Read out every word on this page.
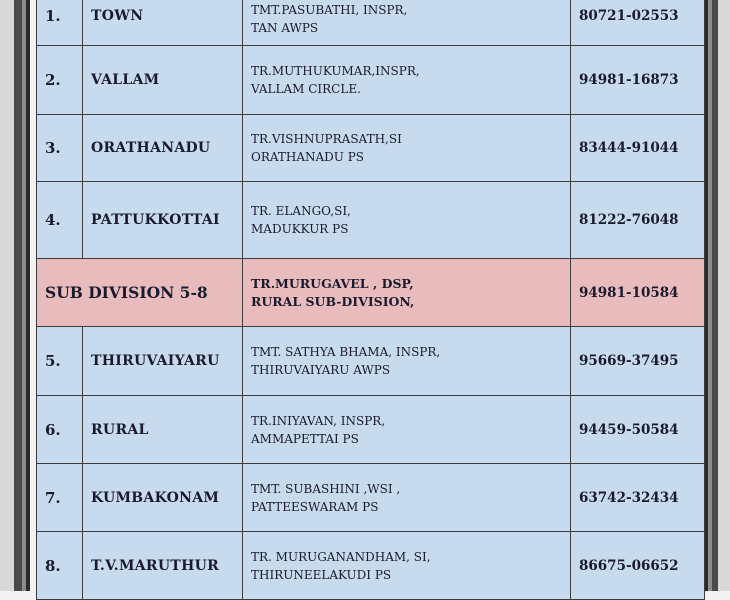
1.	TOWN	TMT.PASUBATHI, INSPR,
TAN AWPS	80721-02553
2.	VALLAM	TR.MUTHUKUMAR,INSPR,
VALLAM CIRCLE.	94981-16873
3.	ORATHANADU	TR.VISHNUPRASATH,SI
ORATHANADU PS	83444-91044
4.	PATTUKKOTTAI	TR. ELANGO,SI,
MADUKKUR PS	81222-76048
SUB DIVISION 5-8		TR.MURUGAVEL , DSP,
RURAL SUB-DIVISION,	94981-10584
5.	THIRUVAIYARU	TMT. SATHYA BHAMA, INSPR,
THIRUVAIYARU AWPS	95669-37495
6.	RURAL	TR.INIYAVAN, INSPR,
AMMAPETTAI PS	94459-50584
7.	KUMBAKONAM	TMT. SUBASHINI ,WSI ,
PATTEESWARAM PS	63742-32434
8.	T.V.MARUTHUR	TR. MURUGANANDHAM, SI,
THIRUNEELAKUDI PS	86675-06652
